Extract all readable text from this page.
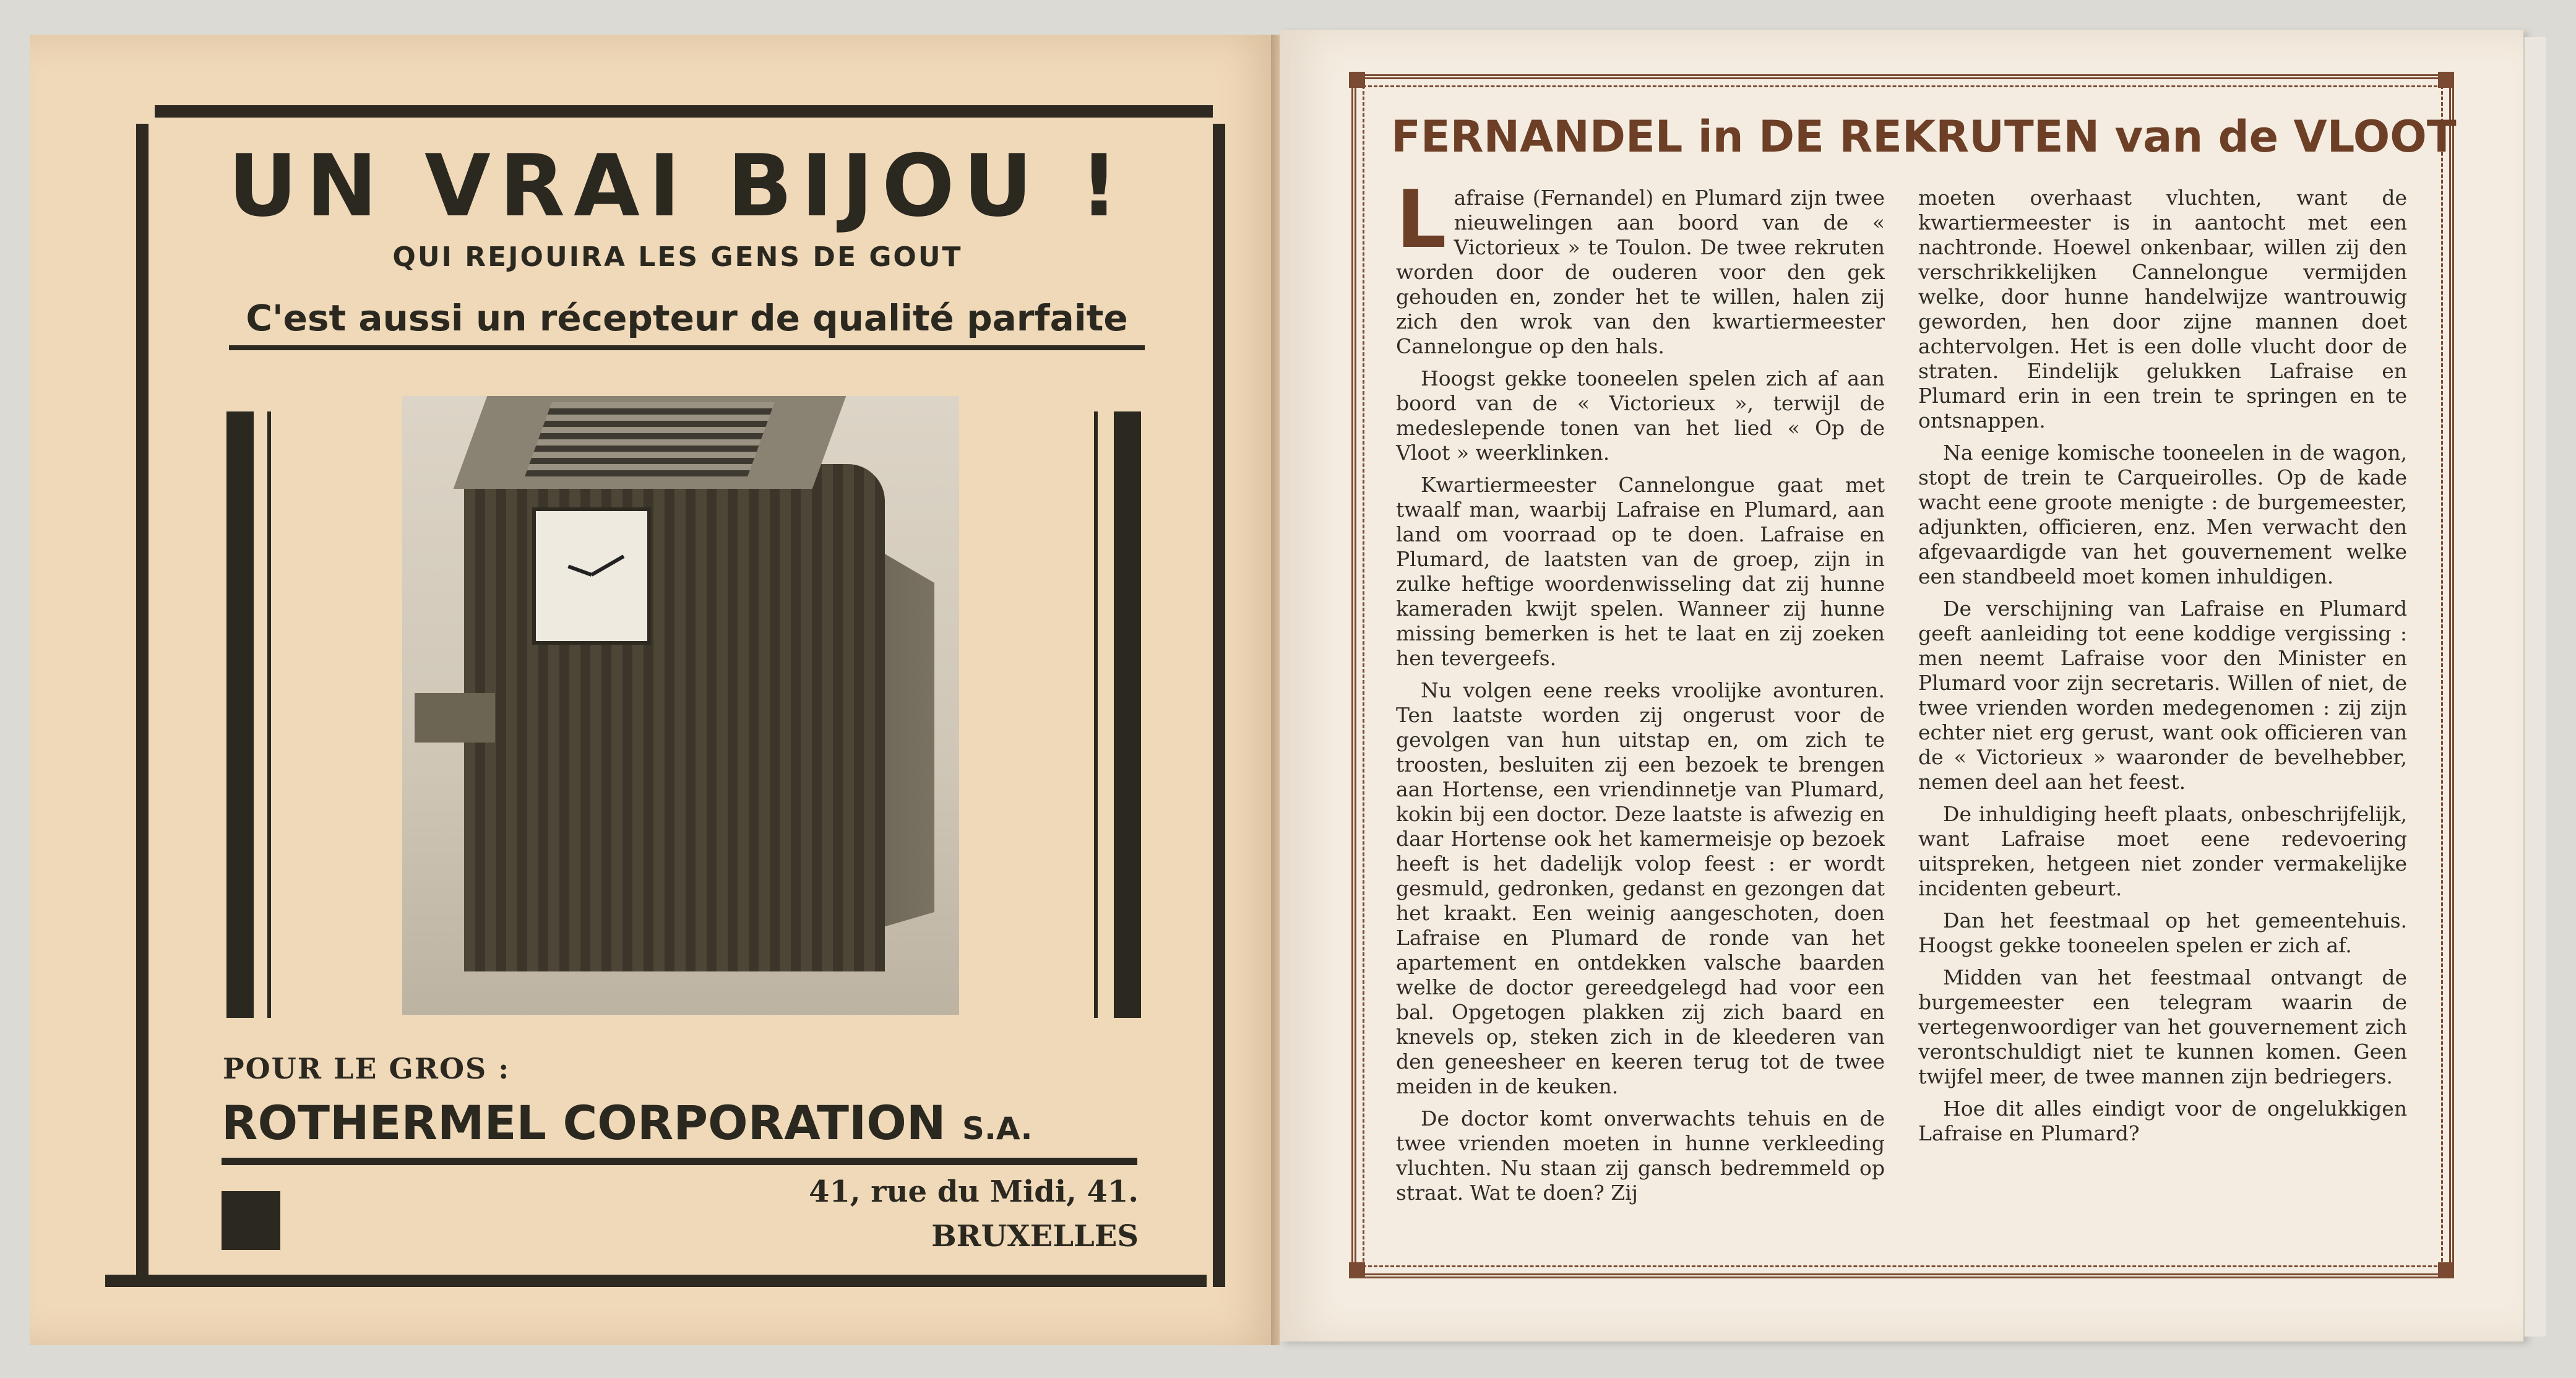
UN VRAI BIJOU !
QUI REJOUIRA LES GENS DE GOUT
C'est aussi un récepteur de qualité parfaite
POUR LE GROS :
ROTHERMEL CORPORATION S.A.
41, rue du Midi, 41.
BRUXELLES
FERNANDEL in DE REKRUTEN van de VLOOT

Lafraise (Fernandel) en Plumard zijn twee nieuwelingen aan boord van de « Victorieux » te Toulon. De twee rekruten worden door de ouderen voor den gek gehouden en, zonder het te willen, halen zij zich den wrok van den kwartiermeester Cannelongue op den hals.

Hoogst gekke tooneelen spelen zich af aan boord van de « Victorieux », terwijl de medeslepende tonen van het lied « Op de Vloot » weerklinken.

Kwartiermeester Cannelongue gaat met twaalf man, waarbij Lafraise en Plumard, aan land om voorraad op te doen. Lafraise en Plumard, de laatsten van de groep, zijn in zulke heftige woordenwisseling dat zij hunne kameraden kwijt spelen. Wanneer zij hunne missing bemerken is het te laat en zij zoeken hen tevergeefs.

Nu volgen eene reeks vroolijke avonturen. Ten laatste worden zij ongerust voor de gevolgen van hun uitstap en, om zich te troosten, besluiten zij een bezoek te brengen aan Hortense, een vriendinnetje van Plumard, kokin bij een doctor. Deze laatste is afwezig en daar Hortense ook het kamermeisje op bezoek heeft is het dadelijk volop feest : er wordt gesmuld, gedronken, gedanst en gezongen dat het kraakt. Een weinig aangeschoten, doen Lafraise en Plumard de ronde van het apartement en ontdekken valsche baarden welke de doctor gereedgelegd had voor een bal. Opgetogen plakken zij zich baard en knevels op, steken zich in de kleederen van den geneesheer en keeren terug tot de twee meiden in de keuken.

De doctor komt onverwachts tehuis en de twee vrienden moeten in hunne verkleeding vluchten. Nu staan zij gansch bedremmeld op straat. Wat te doen? Zij

moeten overhaast vluchten, want de kwartiermeester is in aantocht met een nachtronde. Hoewel onkenbaar, willen zij den verschrikkelijken Cannelongue vermijden welke, door hunne handelwijze wantrouwig geworden, hen door zijne mannen doet achtervolgen. Het is een dolle vlucht door de straten. Eindelijk gelukken Lafraise en Plumard erin in een trein te springen en te ontsnappen.

Na eenige komische tooneelen in de wagon, stopt de trein te Carqueirolles. Op de kade wacht eene groote menigte : de burgemeester, adjunkten, officieren, enz. Men verwacht den afgevaardigde van het gouvernement welke een standbeeld moet komen inhuldigen.

De verschijning van Lafraise en Plumard geeft aanleiding tot eene koddige vergissing : men neemt Lafraise voor den Minister en Plumard voor zijn secretaris. Willen of niet, de twee vrienden worden medegenomen : zij zijn echter niet erg gerust, want ook officieren van de « Victorieux » waaronder de bevelhebber, nemen deel aan het feest.

De inhuldiging heeft plaats, onbeschrijfelijk, want Lafraise moet eene redevoering uitspreken, hetgeen niet zonder vermakelijke incidenten gebeurt.

Dan het feestmaal op het gemeentehuis. Hoogst gekke tooneelen spelen er zich af.

Midden van het feestmaal ontvangt de burgemeester een telegram waarin de vertegenwoordiger van het gouvernement zich verontschuldigt niet te kunnen komen. Geen twijfel meer, de twee mannen zijn bedriegers.

Hoe dit alles eindigt voor de ongelukkigen Lafraise en Plumard?
